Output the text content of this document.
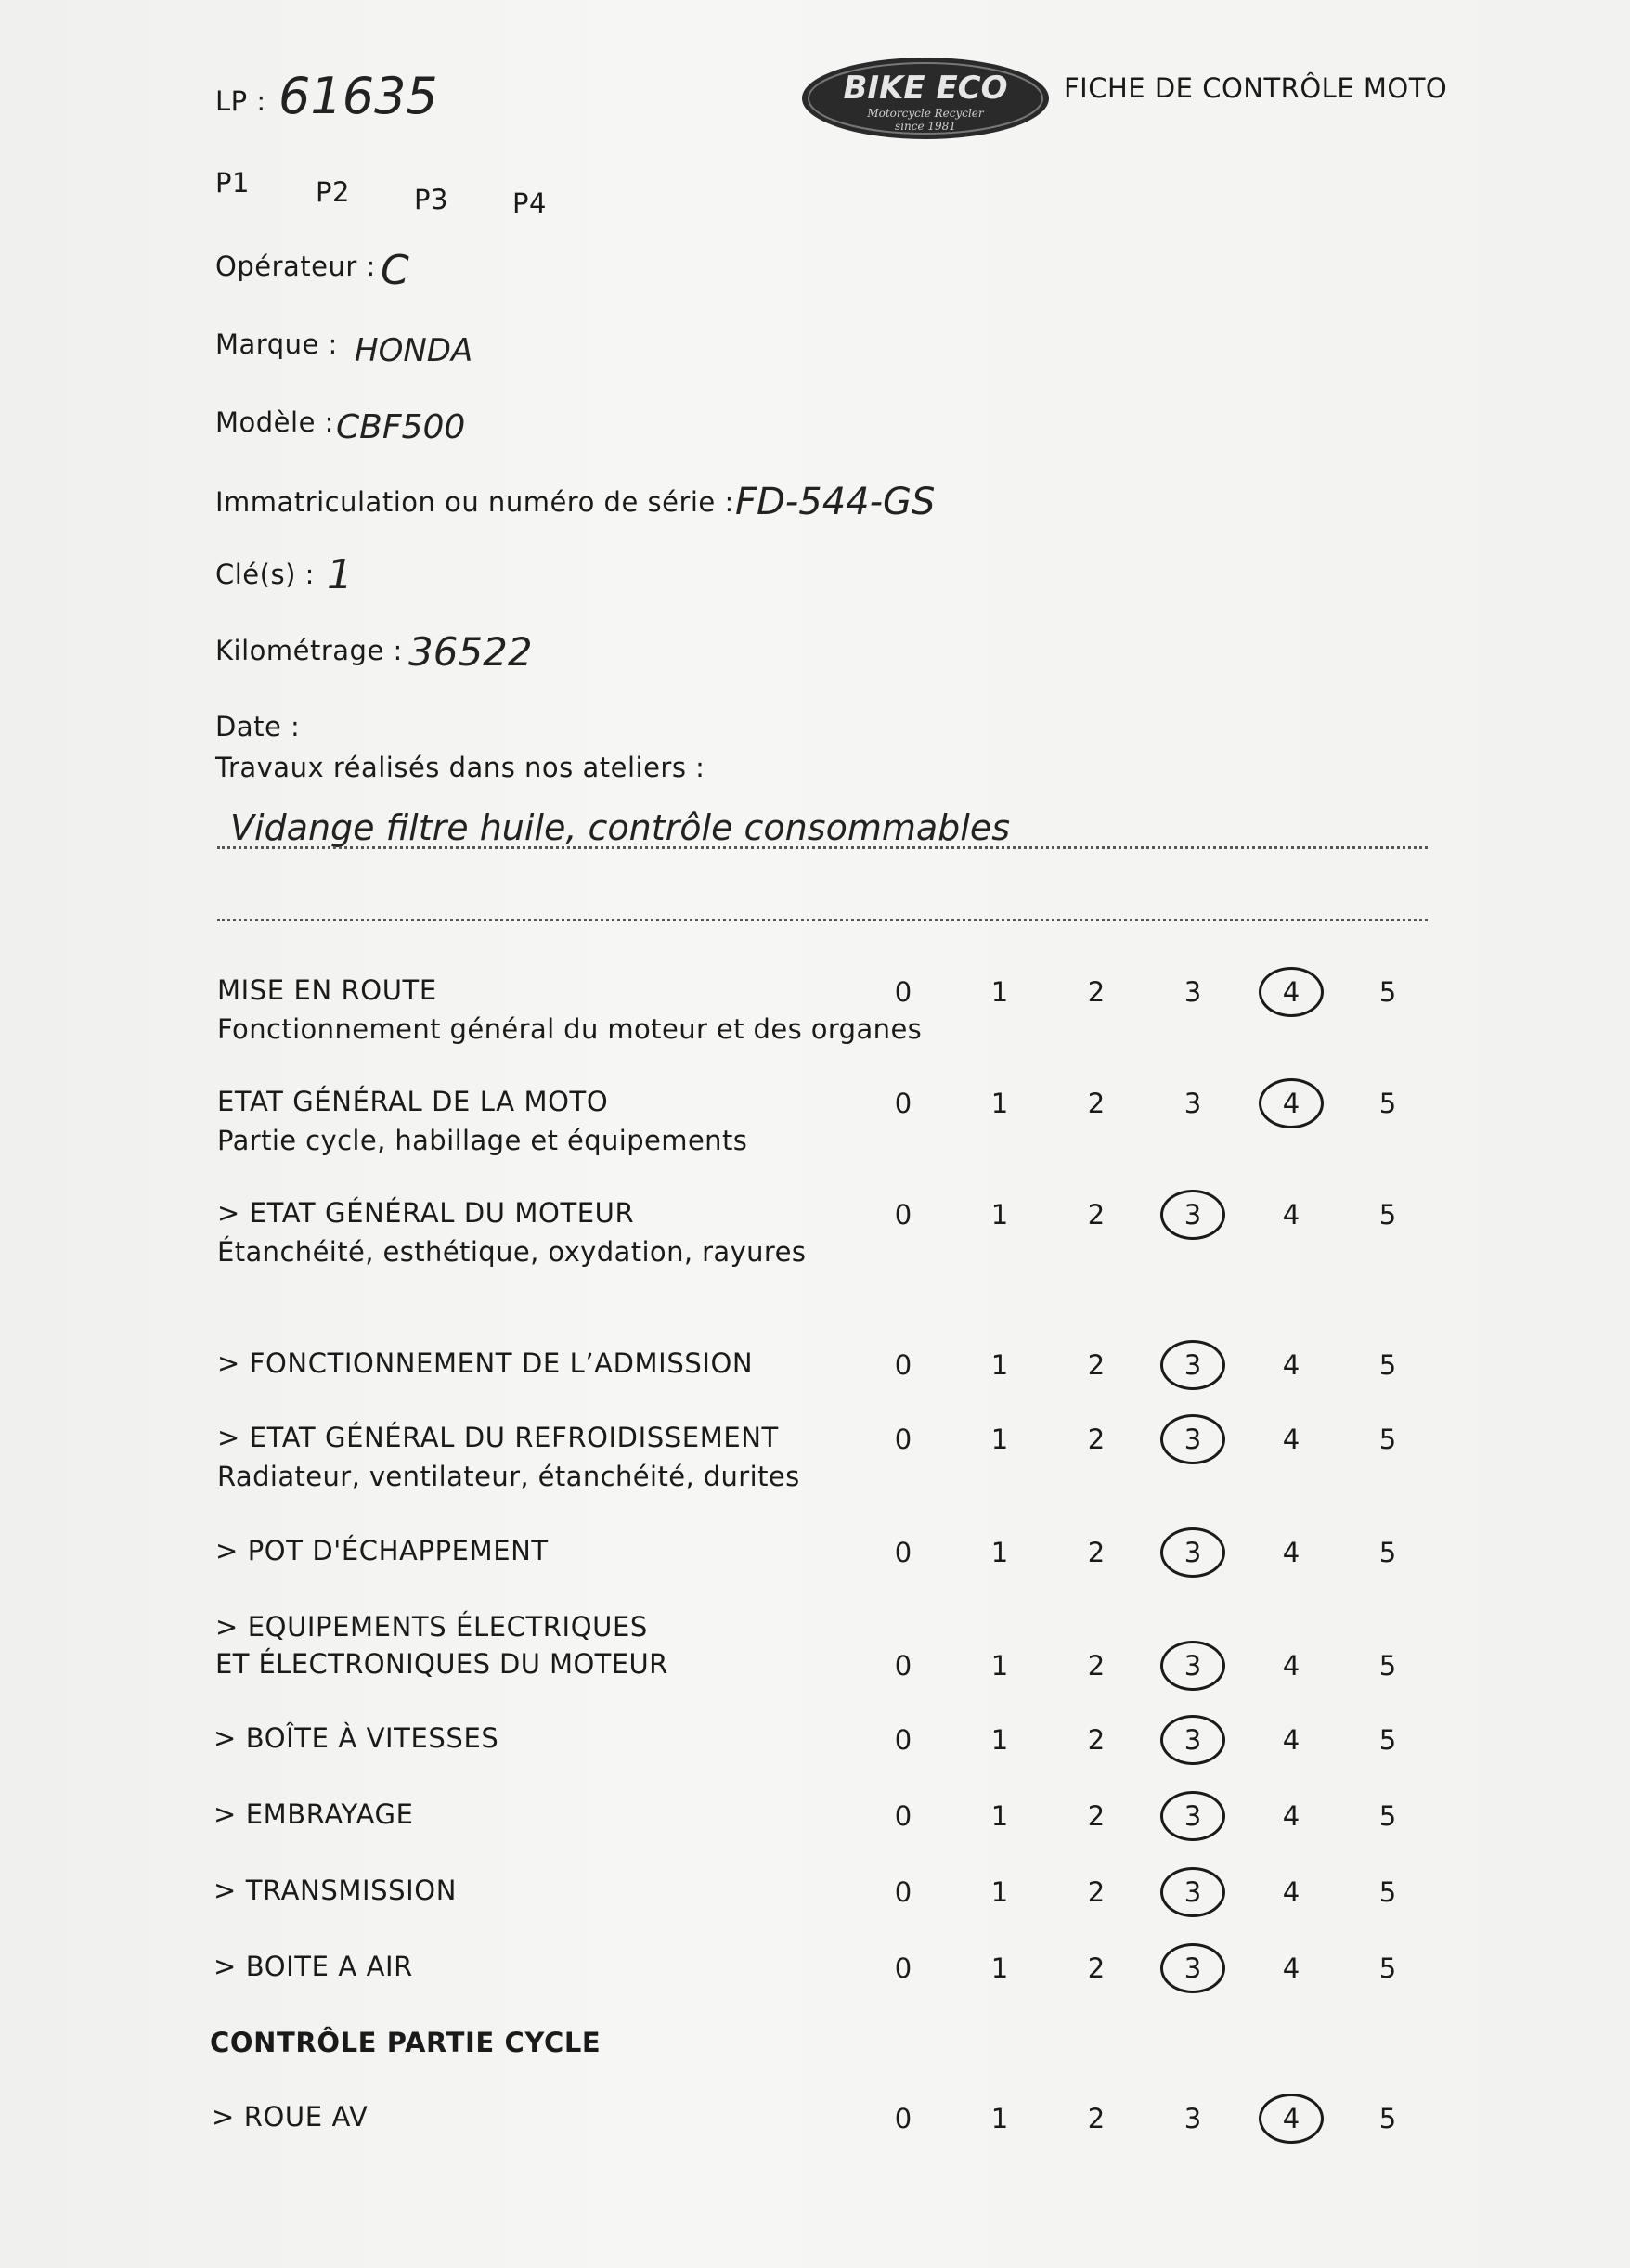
LP : 61635
P1 P2 P3 P4
BIKE ECO
Motorcycle Recycler
since 1981
FICHE DE CONTRÔLE MOTO
Opérateur : C
Marque : HONDA
Modèle : CBF500
Immatriculation ou numéro de série : FD-544-GS
Clé(s) : 1
Kilométrage : 36522
Date :
Travaux réalisés dans nos ateliers :
Vidange filtre huile, contrôle consommables
MISE EN ROUTE
Fonctionnement général du moteur et des organes
0	1	2	3	4	5
ETAT GÉNÉRAL DE LA MOTO
Partie cycle, habillage et équipements
0	1	2	3	4	5
> ETAT GÉNÉRAL DU MOTEUR
Étanchéité, esthétique, oxydation, rayures
0	1	2	3	4	5
> FONCTIONNEMENT DE L’ADMISSION	0	1	2	3	4	5
> ETAT GÉNÉRAL DU REFROIDISSEMENT
Radiateur, ventilateur, étanchéité, durites
0	1	2	3	4	5
> POT D'ÉCHAPPEMENT	0	1	2	3	4	5
> EQUIPEMENTS ÉLECTRIQUES
ET ÉLECTRONIQUES DU MOTEUR	0	1	2	3	4	5
> BOÎTE À VITESSES	0	1	2	3	4	5
> EMBRAYAGE	0	1	2	3	4	5
> TRANSMISSION	0	1	2	3	4	5
> BOITE A AIR	0	1	2	3	4	5
> ROUE AV	0	1	2	3	4	5
CONTRÔLE PARTIE CYCLE
